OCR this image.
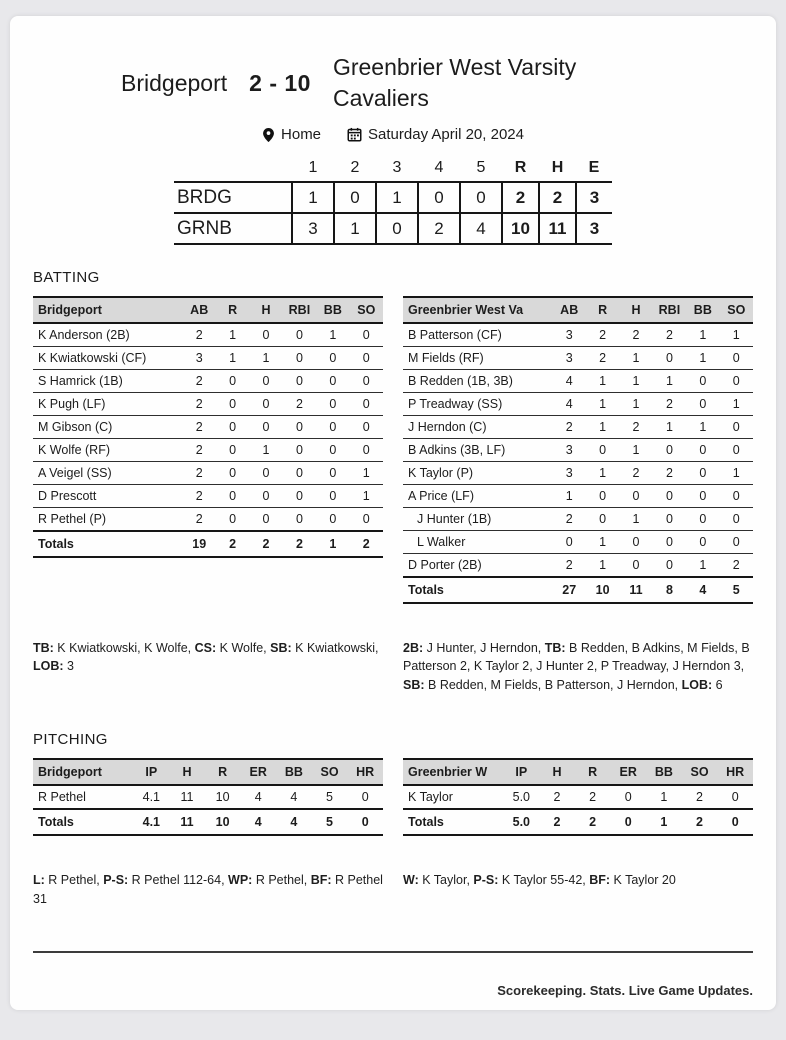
Bridgeport 2 - 10
Greenbrier West Varsity Cavaliers
Home	Saturday April 20, 2024
	1	2	3	4	5	R	H	E
BRDG	1	0	1	0	0	2	2	3
GRNB	3	1	0	2	4	10	11	3
BATTING
Bridgeport	AB	R	H	RBI	BB	SO
K Anderson (2B)	2	1	0	0	1	0
K Kwiatkowski (CF)	3	1	1	0	0	0
S Hamrick (1B)	2	0	0	0	0	0
K Pugh (LF)	2	0	0	2	0	0
M Gibson (C)	2	0	0	0	0	0
K Wolfe (RF)	2	0	1	0	0	0
A Veigel (SS)	2	0	0	0	0	1
D Prescott	2	0	0	0	0	1
R Pethel (P)	2	0	0	0	0	0
Totals	19	2	2	2	1	2
Greenbrier West Va	AB	R	H	RBI	BB	SO
B Patterson (CF)	3	2	2	2	1	1
M Fields (RF)	3	2	1	0	1	0
B Redden (1B, 3B)	4	1	1	1	0	0
P Treadway (SS)	4	1	1	2	0	1
J Herndon (C)	2	1	2	1	1	0
B Adkins (3B, LF)	3	0	1	0	0	0
K Taylor (P)	3	1	2	2	0	1
A Price (LF)	1	0	0	0	0	0
J Hunter (1B)	2	0	1	0	0	0
L Walker	0	1	0	0	0	0
D Porter (2B)	2	1	0	0	1	2
Totals	27	10	11	8	4	5

TB: K Kwiatkowski, K Wolfe, CS: K Wolfe, SB: K Kwiatkowski, LOB: 3

2B: J Hunter, J Herndon, TB: B Redden, B Adkins, M Fields, B Patterson 2, K Taylor 2, J Hunter 2, P Treadway, J Herndon 3, SB: B Redden, M Fields, B Patterson, J Herndon, LOB: 6

PITCHING
Bridgeport	IP	H	R	ER	BB	SO	HR
R Pethel	4.1	11	10	4	4	5	0
Totals	4.1	11	10	4	4	5	0
Greenbrier W	IP	H	R	ER	BB	SO	HR
K Taylor	5.0	2	2	0	1	2	0
Totals	5.0	2	2	0	1	2	0

L: R Pethel, P-S: R Pethel 112-64, WP: R Pethel, BF: R Pethel 31

W: K Taylor, P-S: K Taylor 55-42, BF: K Taylor 20

Scorekeeping. Stats. Live Game Updates.
